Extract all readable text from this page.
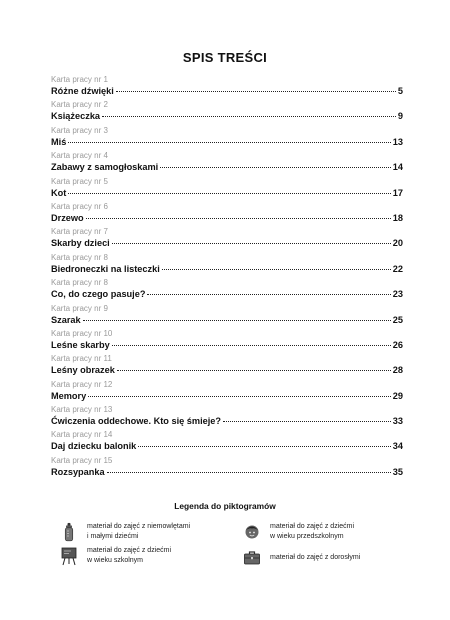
SPIS TREŚCI
Karta pracy nr 1
Różne dźwięki	5
Karta pracy nr 2
Książeczka	9
Karta pracy nr 3
Miś	13
Karta pracy nr 4
Zabawy z samogłoskami	14
Karta pracy nr 5
Kot	17
Karta pracy nr 6
Drzewo	18
Karta pracy nr 7
Skarby dzieci	20
Karta pracy nr 8
Biedroneczki na listeczki	22
Karta pracy nr 8
Co, do czego pasuje?	23
Karta pracy nr 9
Szarak	25
Karta pracy nr 10
Leśne skarby	26
Karta pracy nr 11
Leśny obrazek	28
Karta pracy nr 12
Memory	29
Karta pracy nr 13
Ćwiczenia oddechowe. Kto się śmieje?	33
Karta pracy nr 14
Daj dziecku balonik	34
Karta pracy nr 15
Rozsypanka	35
Legenda do piktogramów
materiał do zajęć z niemowlętami
i małymi dziećmi
materiał do zajęć z dziećmi
w wieku przedszkolnym
materiał do zajęć z dziećmi
w wieku szkolnym	materiał do zajęć z dorosłymi
